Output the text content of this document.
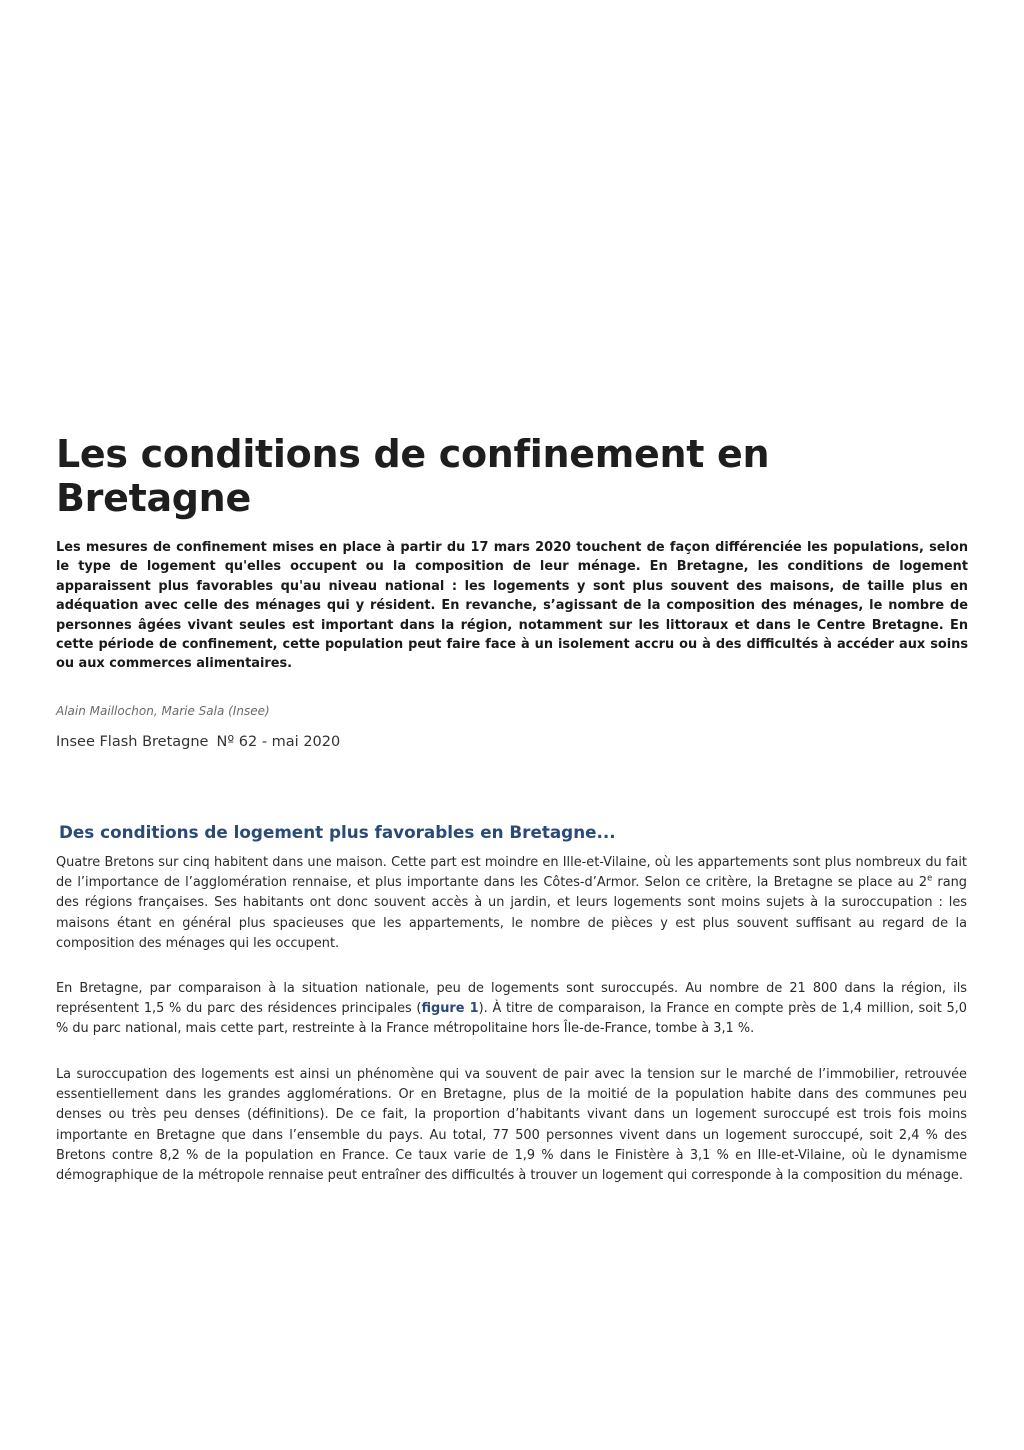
Les conditions de confinement en
Bretagne

Les mesures de confinement mises en place à partir du 17 mars 2020 touchent de façon différenciée les populations, selon le type de logement qu'elles occupent ou la composition de leur ménage. En Bretagne, les conditions de logement apparaissent plus favorables qu'au niveau national : les logements y sont plus souvent des maisons, de taille plus en adéquation avec celle des ménages qui y résident. En revanche, s’agissant de la composition des ménages, le nombre de personnes âgées vivant seules est important dans la région, notamment sur les littoraux et dans le Centre Bretagne. En cette période de confinement, cette population peut faire face à un isolement accru ou à des difficultés à accéder aux soins ou aux commerces alimentaires.

Alain Maillochon, Marie Sala (Insee)

Insee Flash Bretagne Nº 62 - mai 2020

Des conditions de logement plus favorables en Bretagne...

Quatre Bretons sur cinq habitent dans une maison. Cette part est moindre en Ille-et-Vilaine, où les appartements sont plus nombreux du fait de l’importance de l’agglomération rennaise, et plus importante dans les Côtes-d’Armor. Selon ce critère, la Bretagne se place au 2e rang des régions françaises. Ses habitants ont donc souvent accès à un jardin, et leurs logements sont moins sujets à la suroccupation : les maisons étant en général plus spacieuses que les appartements, le nombre de pièces y est plus souvent suffisant au regard de la composition des ménages qui les occupent.

En Bretagne, par comparaison à la situation nationale, peu de logements sont suroccupés. Au nombre de 21 800 dans la région, ils représentent 1,5 % du parc des résidences principales (figure 1). À titre de comparaison, la France en compte près de 1,4 million, soit 5,0 % du parc national, mais cette part, restreinte à la France métropolitaine hors Île-de-France, tombe à 3,1 %.

La suroccupation des logements est ainsi un phénomène qui va souvent de pair avec la tension sur le marché de l’immobilier, retrouvée essentiellement dans les grandes agglomérations. Or en Bretagne, plus de la moitié de la population habite dans des communes peu denses ou très peu denses (définitions). De ce fait, la proportion d’habitants vivant dans un logement suroccupé est trois fois moins importante en Bretagne que dans l’ensemble du pays. Au total, 77 500 personnes vivent dans un logement suroccupé, soit 2,4 % des Bretons contre 8,2 % de la population en France. Ce taux varie de 1,9 % dans le Finistère à 3,1 % en Ille-et-Vilaine, où le dynamisme démographique de la métropole rennaise peut entraîner des difficultés à trouver un logement qui corresponde à la composition du ménage.
